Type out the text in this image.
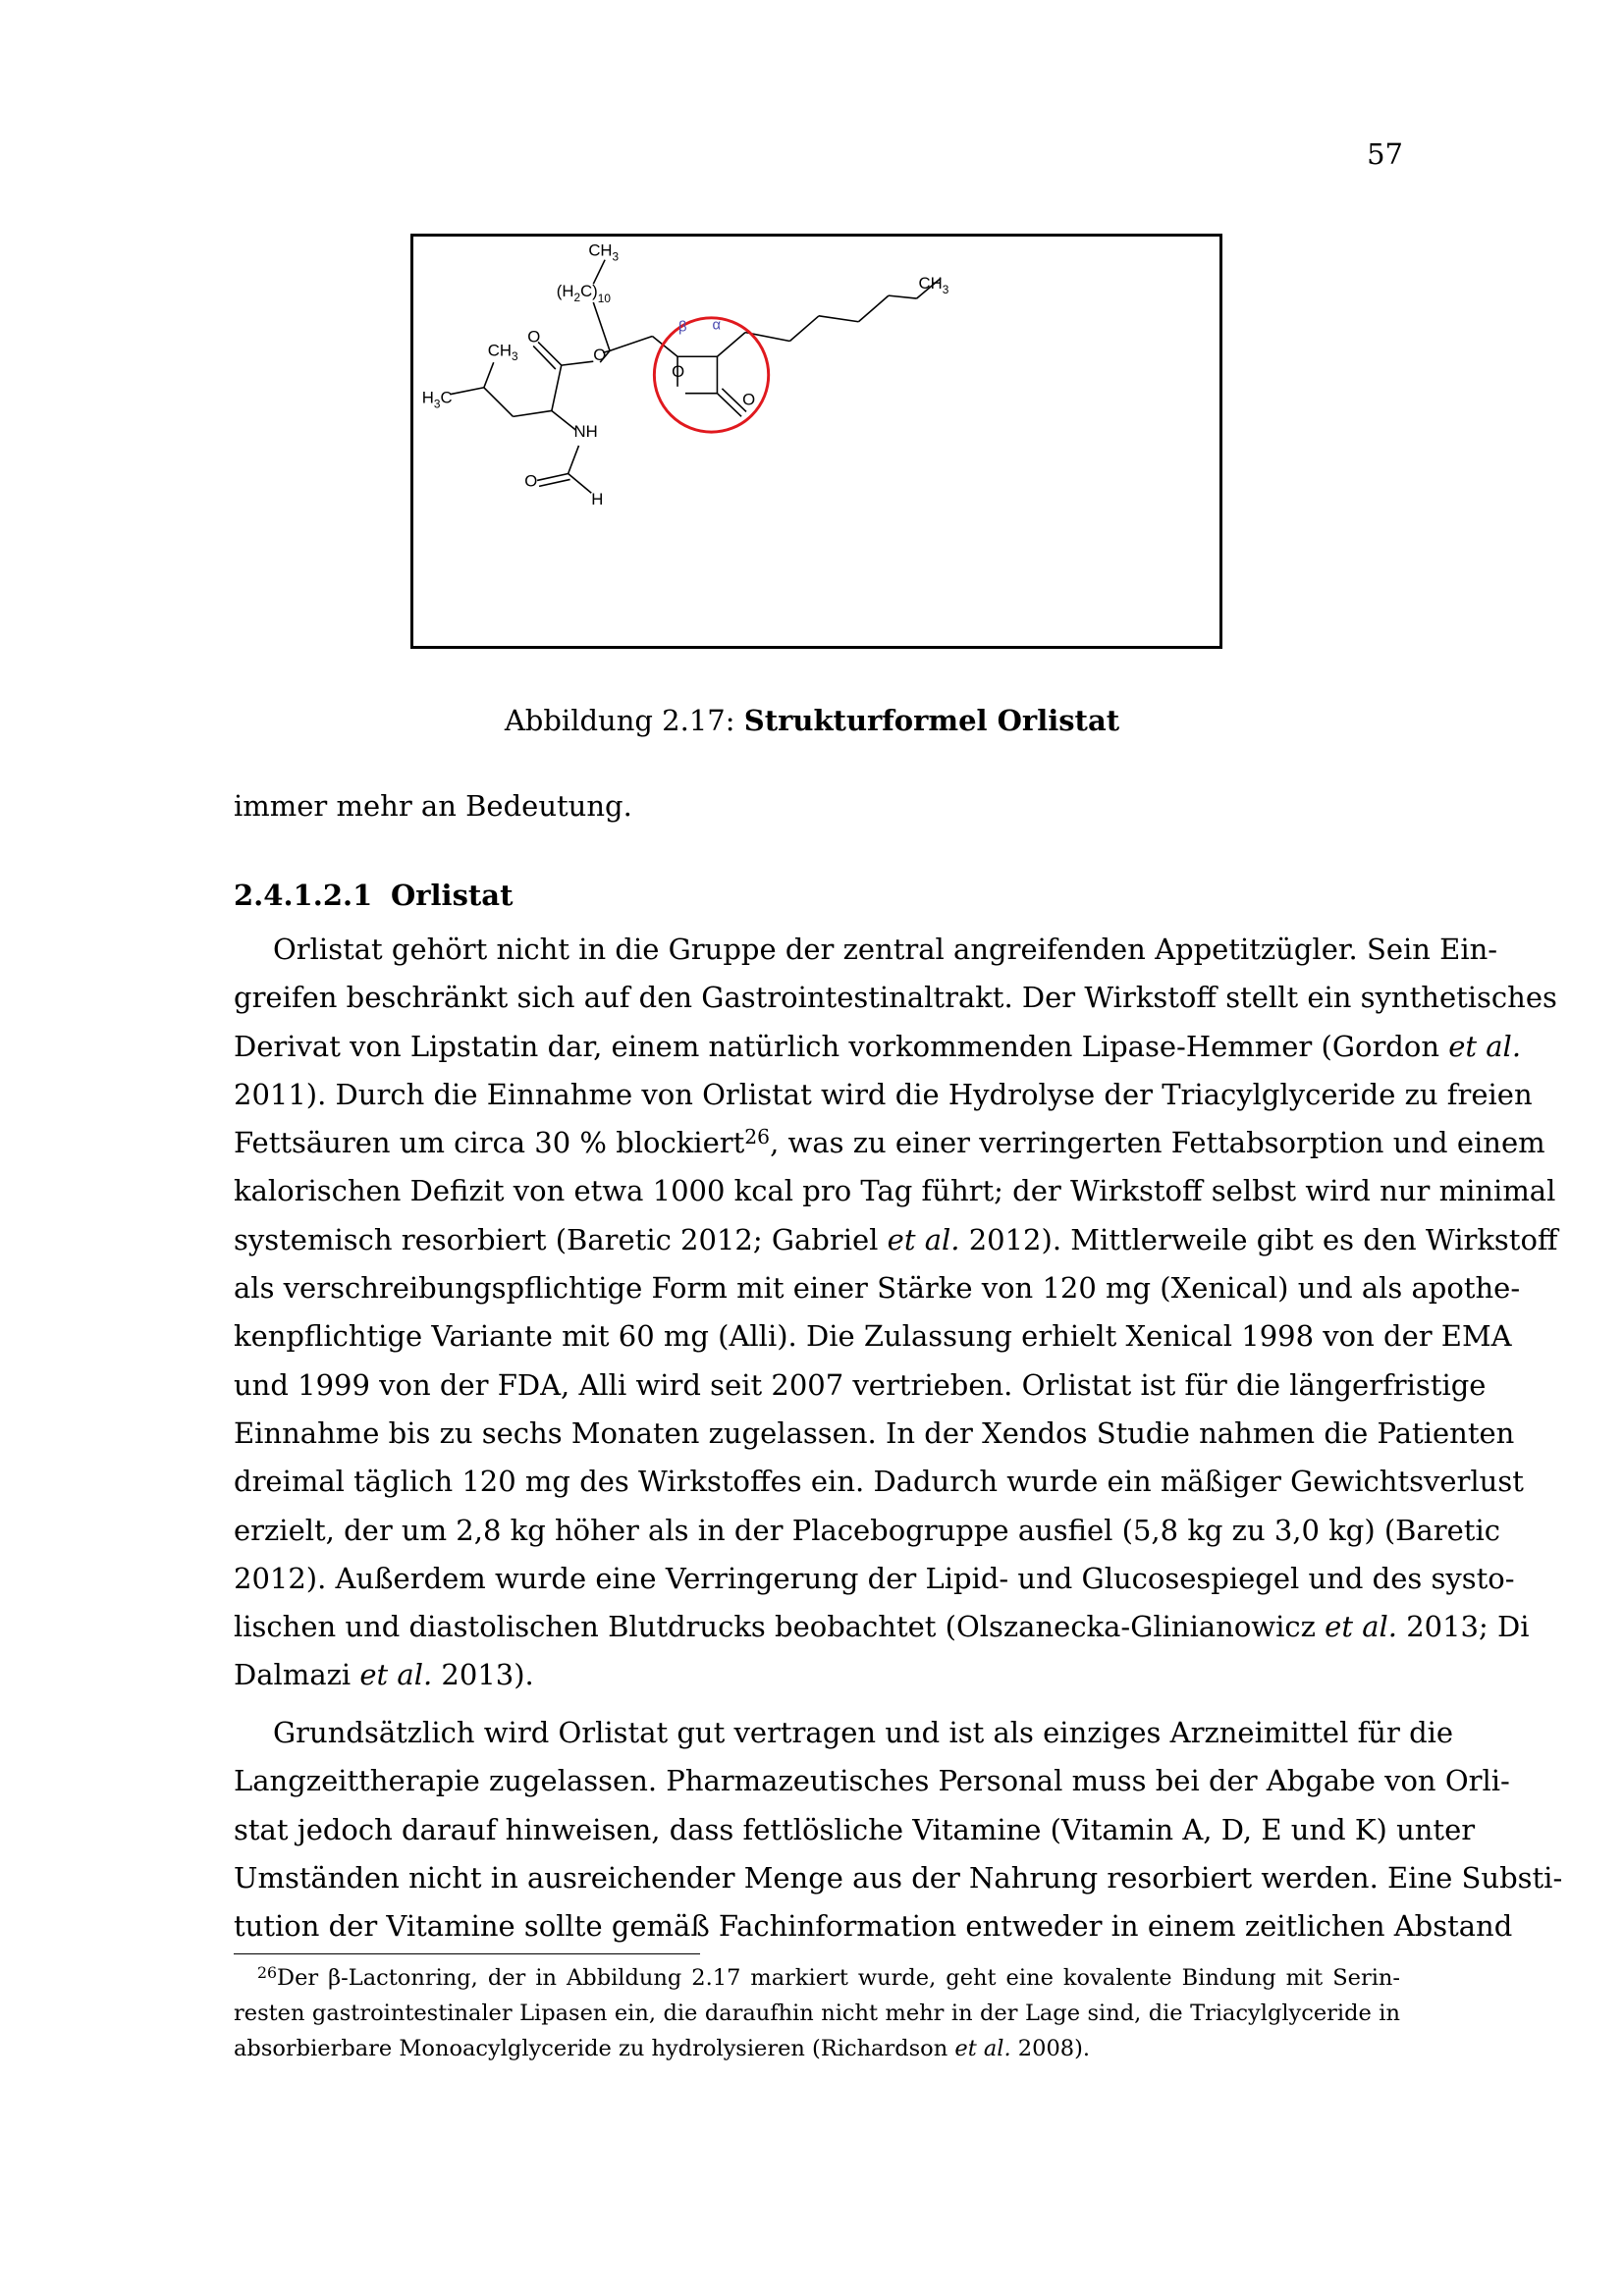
57
$CH_3$
$(H_2C)_{10}$
$CH_3$
$CH_3$
$H_3C$
O
O
O
O
NH
O
H
β α
Abbildung 2.17: Strukturformel Orlistat
immer mehr an Bedeutung.
2.4.1.2.1 Orlistat
Orlistat gehört nicht in die Gruppe der zentral angreifenden Appetitzügler. Sein Ein-
greifen beschränkt sich auf den Gastrointestinaltrakt. Der Wirkstoff stellt ein synthetisches
Derivat von Lipstatin dar, einem natürlich vorkommenden Lipase-Hemmer (Gordon et al.
2011). Durch die Einnahme von Orlistat wird die Hydrolyse der Triacylglyceride zu freien
Fettsäuren um circa 30 % blockiert$^{26}$, was zu einer verringerten Fettabsorption und einem
kalorischen Defizit von etwa 1000 kcal pro Tag führt; der Wirkstoff selbst wird nur minimal
systemisch resorbiert (Baretic 2012; Gabriel et al. 2012). Mittlerweile gibt es den Wirkstoff
als verschreibungspflichtige Form mit einer Stärke von 120 mg (Xenical) und als apothe-
kenpflichtige Variante mit 60 mg (Alli). Die Zulassung erhielt Xenical 1998 von der EMA
und 1999 von der FDA, Alli wird seit 2007 vertrieben. Orlistat ist für die längerfristige
Einnahme bis zu sechs Monaten zugelassen. In der Xendos Studie nahmen die Patienten
dreimal täglich 120 mg des Wirkstoffes ein. Dadurch wurde ein mäßiger Gewichtsverlust
erzielt, der um 2,8 kg höher als in der Placebogruppe ausfiel (5,8 kg zu 3,0 kg) (Baretic
2012). Außerdem wurde eine Verringerung der Lipid- und Glucosespiegel und des systo-
lischen und diastolischen Blutdrucks beobachtet (Olszanecka-Glinianowicz et al. 2013; Di
Dalmazi et al. 2013).
Grundsätzlich wird Orlistat gut vertragen und ist als einziges Arzneimittel für die
Langzeittherapie zugelassen. Pharmazeutisches Personal muss bei der Abgabe von Orli-
stat jedoch darauf hinweisen, dass fettlösliche Vitamine (Vitamin A, D, E und K) unter
Umständen nicht in ausreichender Menge aus der Nahrung resorbiert werden. Eine Substi-
tution der Vitamine sollte gemäß Fachinformation entweder in einem zeitlichen Abstand
$^{26}$Der β-Lactonring, der in Abbildung 2.17 markiert wurde, geht eine kovalente Bindung mit Serin-
resten gastrointestinaler Lipasen ein, die daraufhin nicht mehr in der Lage sind, die Triacylglyceride in
absorbierbare Monoacylglyceride zu hydrolysieren (Richardson et al. 2008).
